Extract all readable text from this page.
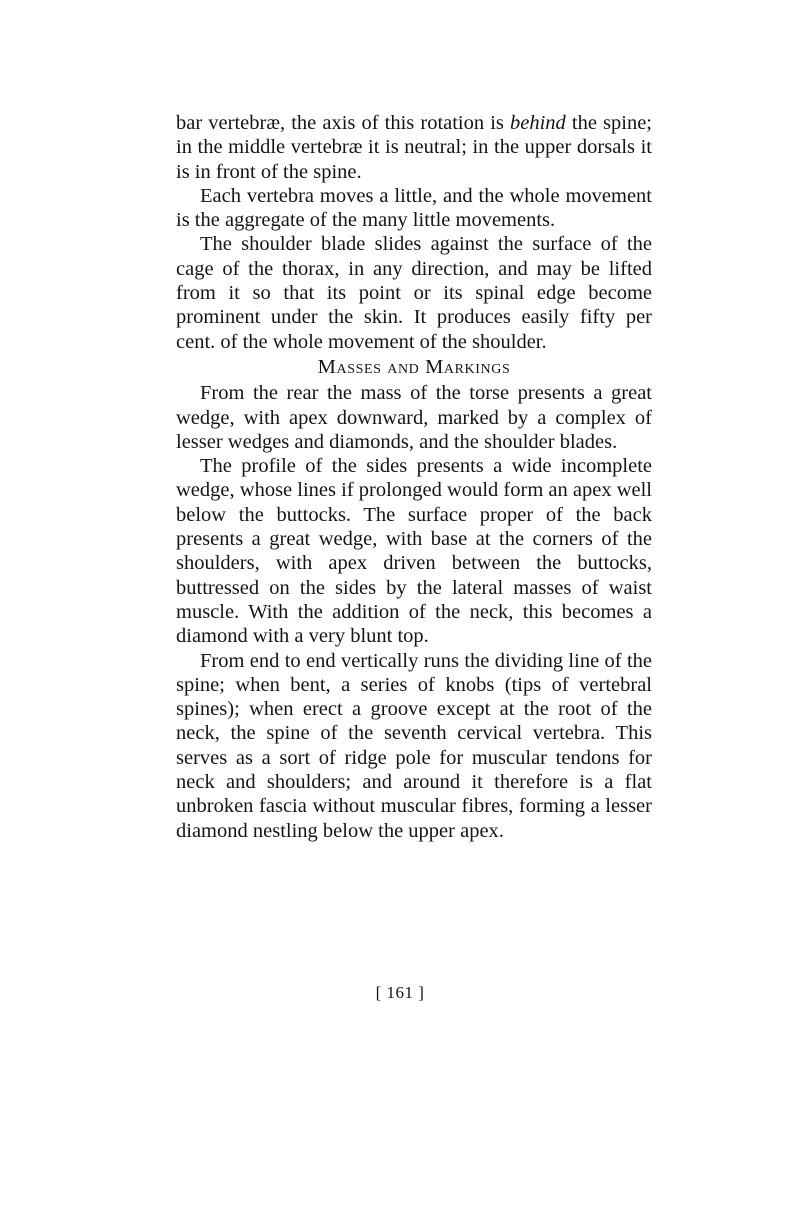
bar vertebræ, the axis of this rotation is behind the spine; in the middle vertebræ it is neutral; in the upper dorsals it is in front of the spine.

Each vertebra moves a little, and the whole movement is the aggregate of the many little movements.

The shoulder blade slides against the surface of the cage of the thorax, in any direction, and may be lifted from it so that its point or its spinal edge become prominent under the skin. It produces easily fifty per cent. of the whole movement of the shoulder.

Masses and Markings

From the rear the mass of the torse presents a great wedge, with apex downward, marked by a complex of lesser wedges and diamonds, and the shoulder blades.

The profile of the sides presents a wide incomplete wedge, whose lines if prolonged would form an apex well below the buttocks. The surface proper of the back presents a great wedge, with base at the corners of the shoulders, with apex driven between the buttocks, buttressed on the sides by the lateral masses of waist muscle. With the addition of the neck, this becomes a diamond with a very blunt top.

From end to end vertically runs the dividing line of the spine; when bent, a series of knobs (tips of vertebral spines); when erect a groove except at the root of the neck, the spine of the seventh cervical vertebra. This serves as a sort of ridge pole for muscular tendons for neck and shoulders; and around it therefore is a flat unbroken fascia without muscular fibres, forming a lesser diamond nestling below the upper apex.

[ 161 ]
